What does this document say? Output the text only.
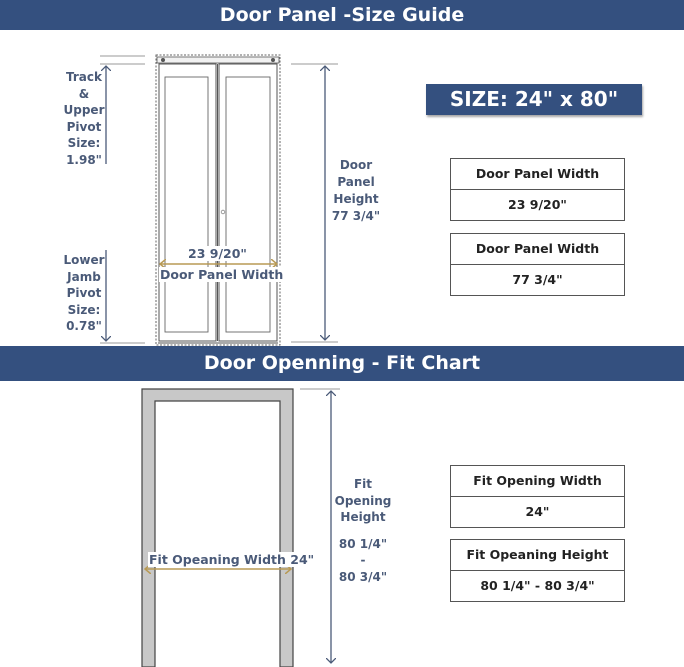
Door Panel -Size Guide
Track
&
Upper
Pivot
Size:
1.98"
Lower
Jamb
Pivot
Size:
0.78"
Door
Panel
Height
77 3/4"
23 9/20"
Door Panel Width
SIZE: 24" x 80"
Door Panel Width
23 9/20"
Door Panel Width
77 3/4"
Door Openning - Fit Chart
Fit Opeaning Width 24"
Fit
Opening
Height
80 1/4"
-
80 3/4"
Fit Opening Width
24"
Fit Opeaning Height
80 1/4" - 80 3/4"
